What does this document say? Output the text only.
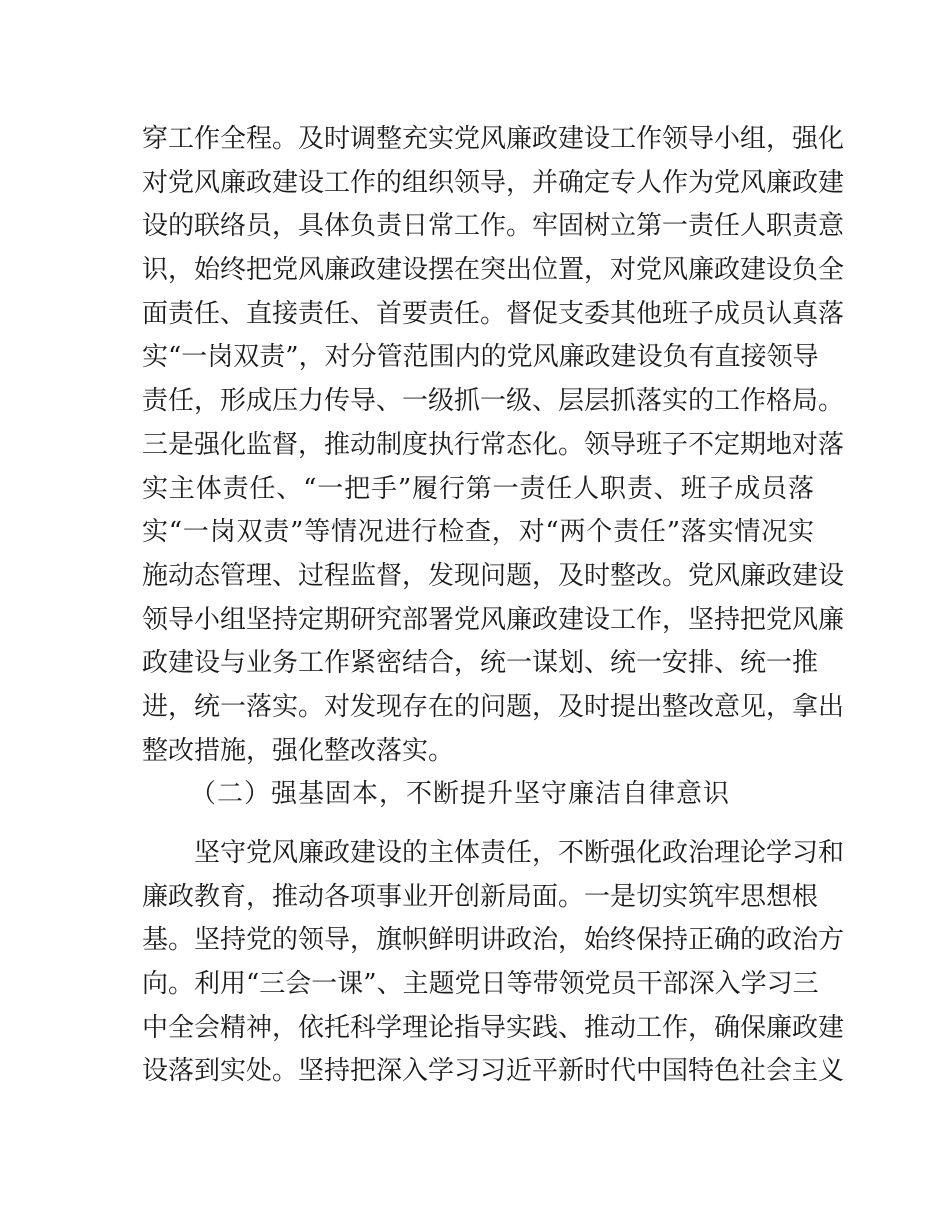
穿工作全程。及时调整充实党风廉政建设工作领导小组，强化
对党风廉政建设工作的组织领导，并确定专人作为党风廉政建
设的联络员，具体负责日常工作。牢固树立第一责任人职责意
识，始终把党风廉政建设摆在突出位置，对党风廉政建设负全
面责任、直接责任、首要责任。督促支委其他班子成员认真落
实“一岗双责”，对分管范围内的党风廉政建设负有直接领导
责任，形成压力传导、一级抓一级、层层抓落实的工作格局。
三是强化监督，推动制度执行常态化。领导班子不定期地对落
实主体责任、“一把手”履行第一责任人职责、班子成员落
实“一岗双责”等情况进行检查，对“两个责任”落实情况实
施动态管理、过程监督，发现问题，及时整改。党风廉政建设
领导小组坚持定期研究部署党风廉政建设工作，坚持把党风廉
政建设与业务工作紧密结合，统一谋划、统一安排、统一推
进，统一落实。对发现存在的问题，及时提出整改意见，拿出
整改措施，强化整改落实。
（二）强基固本，不断提升坚守廉洁自律意识
坚守党风廉政建设的主体责任，不断强化政治理论学习和
廉政教育，推动各项事业开创新局面。一是切实筑牢思想根
基。坚持党的领导，旗帜鲜明讲政治，始终保持正确的政治方
向。利用“三会一课”、主题党日等带领党员干部深入学习三
中全会精神，依托科学理论指导实践、推动工作，确保廉政建
设落到实处。坚持把深入学习习近平新时代中国特色社会主义
